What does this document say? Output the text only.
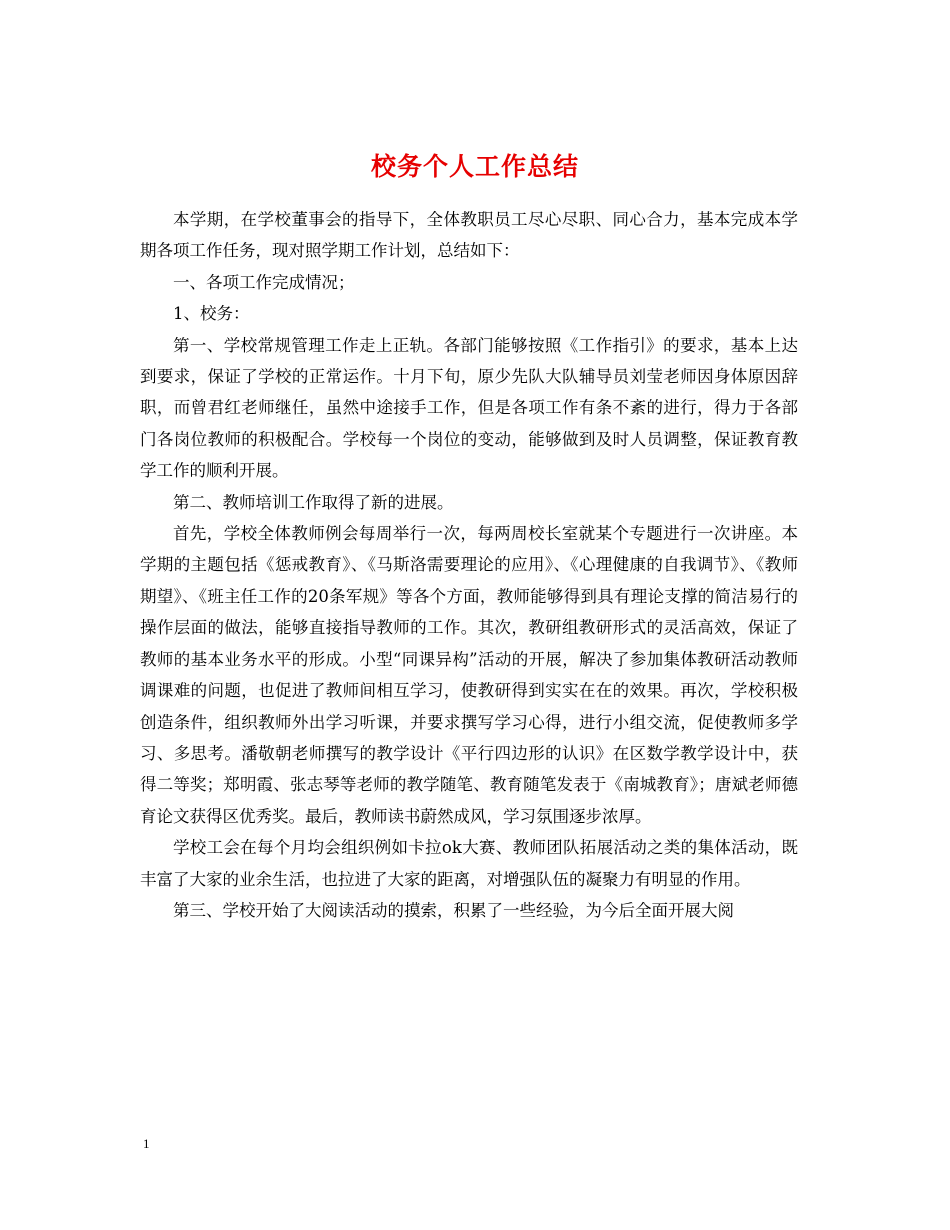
校务个人工作总结

本学期，在学校董事会的指导下，全体教职员工尽心尽职、同心合力，基本完成本学期各项工作任务，现对照学期工作计划，总结如下：

一、各项工作完成情况；

1、校务：

第一、学校常规管理工作走上正轨。各部门能够按照《工作指引》的要求，基本上达到要求，保证了学校的正常运作。十月下旬，原少先队大队辅导员刘莹老师因身体原因辞职，而曾君红老师继任，虽然中途接手工作，但是各项工作有条不紊的进行，得力于各部门各岗位教师的积极配合。学校每一个岗位的变动，能够做到及时人员调整，保证教育教学工作的顺利开展。

第二、教师培训工作取得了新的进展。

首先，学校全体教师例会每周举行一次，每两周校长室就某个专题进行一次讲座。本学期的主题包括《惩戒教育》、《马斯洛需要理论的应用》、《心理健康的自我调节》、《教师期望》、《班主任工作的20条军规》等各个方面，教师能够得到具有理论支撑的简洁易行的操作层面的做法，能够直接指导教师的工作。其次，教研组教研形式的灵活高效，保证了教师的基本业务水平的形成。小型“同课异构”活动的开展，解决了参加集体教研活动教师调课难的问题，也促进了教师间相互学习，使教研得到实实在在的效果。再次，学校积极创造条件，组织教师外出学习听课，并要求撰写学习心得，进行小组交流，促使教师多学习、多思考。潘敬朝老师撰写的教学设计《平行四边形的认识》在区数学教学设计中，获得二等奖；郑明霞、张志琴等老师的教学随笔、教育随笔发表于《南城教育》；唐斌老师德育论文获得区优秀奖。最后，教师读书蔚然成风，学习氛围逐步浓厚。

学校工会在每个月均会组织例如卡拉ok大赛、教师团队拓展活动之类的集体活动，既丰富了大家的业余生活，也拉进了大家的距离，对增强队伍的凝聚力有明显的作用。

第三、学校开始了大阅读活动的摸索，积累了一些经验，为今后全面开展大阅

1
